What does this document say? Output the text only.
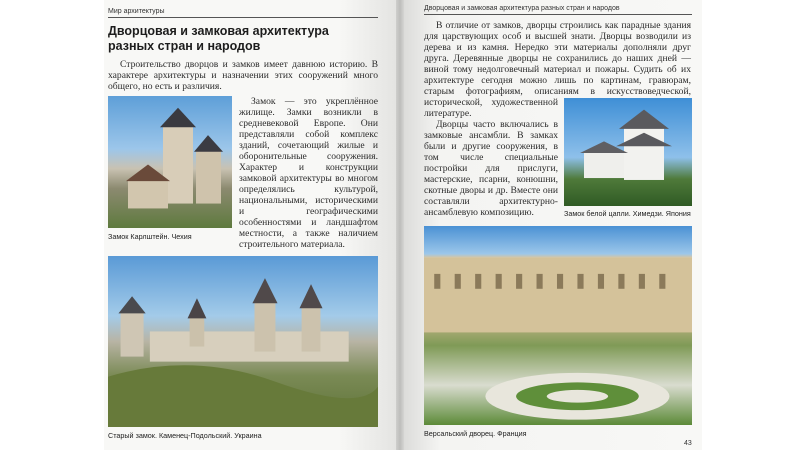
Мир архитектуры
Дворцовая и замковая архитектура
разных стран и народов

Строительство дворцов и замков имеет давнюю историю. В характере архитектуры и назначении этих сооружений много общего, но есть и различия.

Замок Карлштейн. Чехия

Замок — это укреплённое жилище. Замки возникли в средневековой Европе. Они представляли собой комплекс зданий, сочетающий жилые и оборонительные сооружения. Характер и конструкции замковой архитектуры во многом определялись культурой, национальными, историческими и географическими особенностями и ландшафтом местности, а также наличием строительного материала.

Старый замок. Каменец-Подольский. Украина
Дворцовая и замковая архитектура разных стран и народов
Замок белой цапли. Химедзи. Япония

В отличие от замков, дворцы строились как парадные здания для царствующих особ и высшей знати. Дворцы возводили из дерева и из камня. Нередко эти материалы дополняли друг друга. Деревянные дворцы не сохранились до наших дней — виной тому недолговечный материал и пожары. Судить об их архитектуре сегодня можно лишь по картинам, гравюрам, старым фотографиям, описаниям в искусствоведческой, исторической, художественной литературе.

Дворцы часто включались в замковые ансамбли. В замках были и другие сооружения, в том числе специальные постройки для прислуги, мастерские, псарни, конюшни, скотные дворы и др. Вместе они составляли архитектурно-ансамблевую композицию.

Версальский дворец. Франция
43
